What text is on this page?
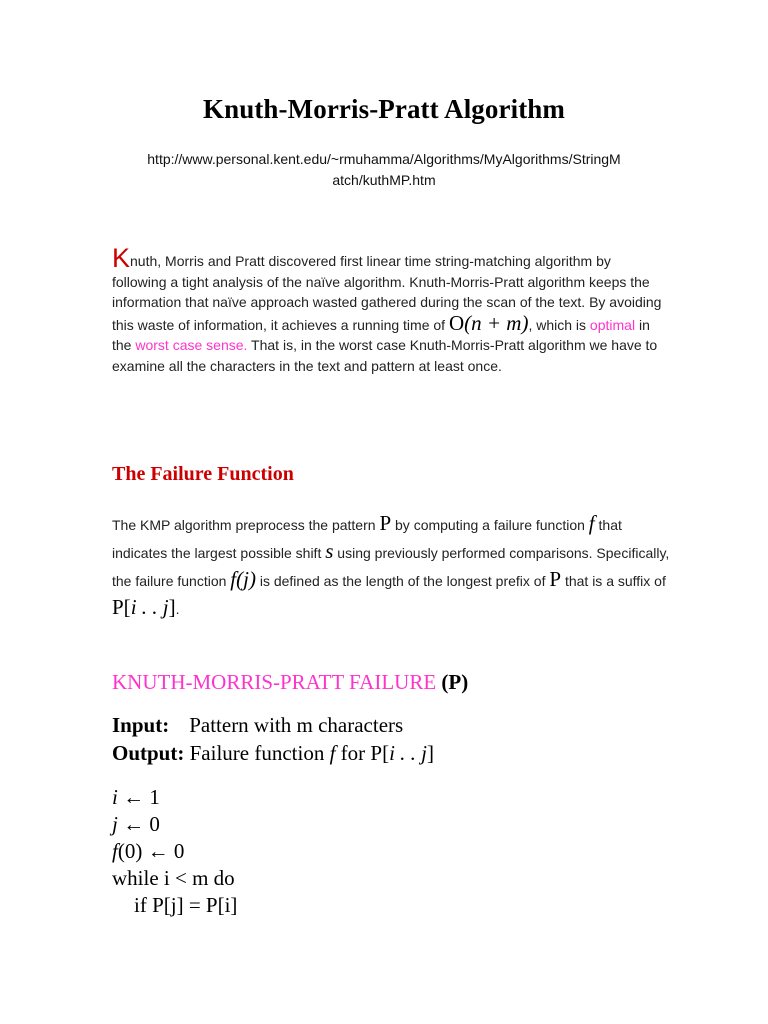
Knuth-Morris-Pratt Algorithm
http://www.personal.kent.edu/~rmuhamma/Algorithms/MyAlgorithms/StringM
atch/kuthMP.htm
Knuth, Morris and Pratt discovered first linear time string-matching algorithm by following a tight analysis of the naïve algorithm. Knuth-Morris-Pratt algorithm keeps the information that naïve approach wasted gathered during the scan of the text. By avoiding this waste of information, it achieves a running time of O(n + m), which is optimal in the worst case sense. That is, in the worst case Knuth-Morris-Pratt algorithm we have to examine all the characters in the text and pattern at least once.
The Failure Function
The KMP algorithm preprocess the pattern P by computing a failure function f that indicates the largest possible shift s using previously performed comparisons. Specifically, the failure function f(j) is defined as the length of the longest prefix of P that is a suffix of P[i . . j].
KNUTH-MORRIS-PRATT FAILURE (P)
Input: Pattern with m characters
Output: Failure function f for P[i . . j]
i ← 1
j ← 0
f(0) ← 0
while i < m do
if P[j] = P[i]
